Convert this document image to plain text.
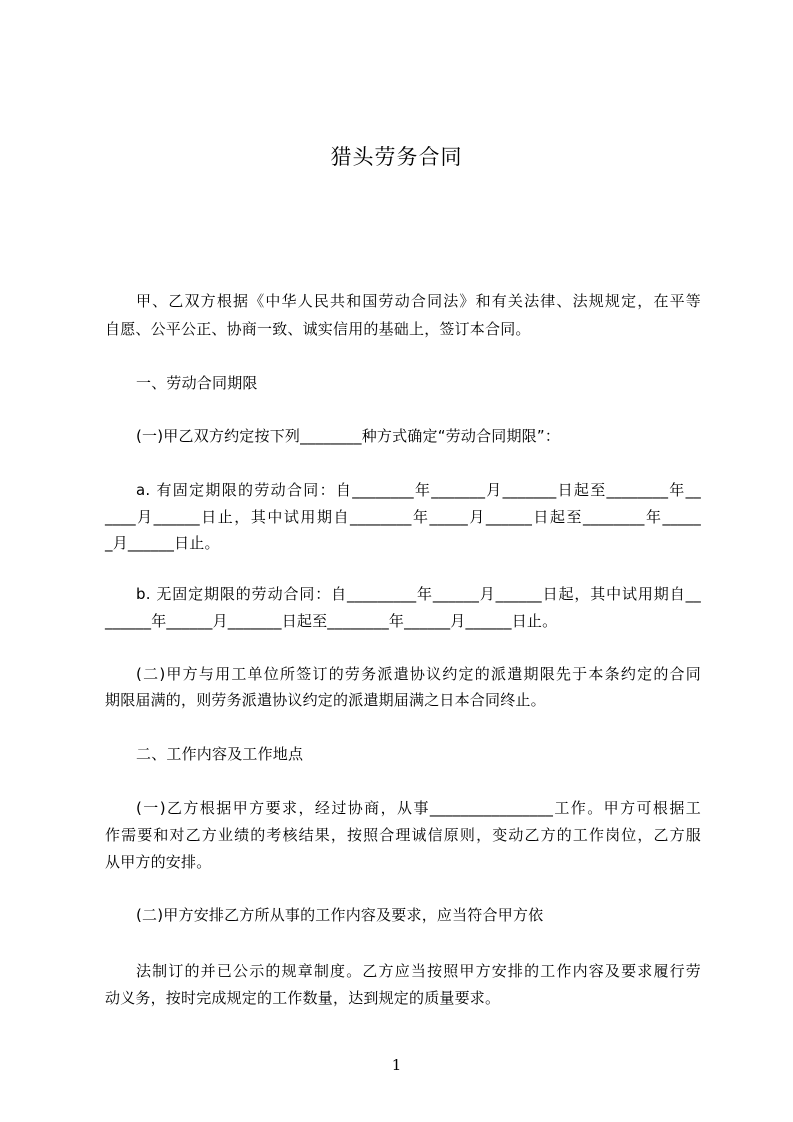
猎头劳务合同
甲、乙双方根据《中华人民共和国劳动合同法》和有关法律、法规规定，在平等
自愿、公平公正、协商一致、诚实信用的基础上，签订本合同。
一、劳动合同期限
(一)甲乙双方约定按下列________种方式确定“劳动合同期限”：
a. 有固定期限的劳动合同：自________年_______月_______日起至________年__
____月______日止，其中试用期自________年_____月______日起至________年_____
_月______日止。
b. 无固定期限的劳动合同：自_________年______月______日起，其中试用期自__
______年______月_______日起至________年______月______日止。
(二)甲方与用工单位所签订的劳务派遣协议约定的派遣期限先于本条约定的合同
期限届满的，则劳务派遣协议约定的派遣期届满之日本合同终止。
二、工作内容及工作地点
(一)乙方根据甲方要求，经过协商，从事________________工作。甲方可根据工
作需要和对乙方业绩的考核结果，按照合理诚信原则，变动乙方的工作岗位，乙方服
从甲方的安排。
(二)甲方安排乙方所从事的工作内容及要求，应当符合甲方依
法制订的并已公示的规章制度。乙方应当按照甲方安排的工作内容及要求履行劳
动义务，按时完成规定的工作数量，达到规定的质量要求。
1
